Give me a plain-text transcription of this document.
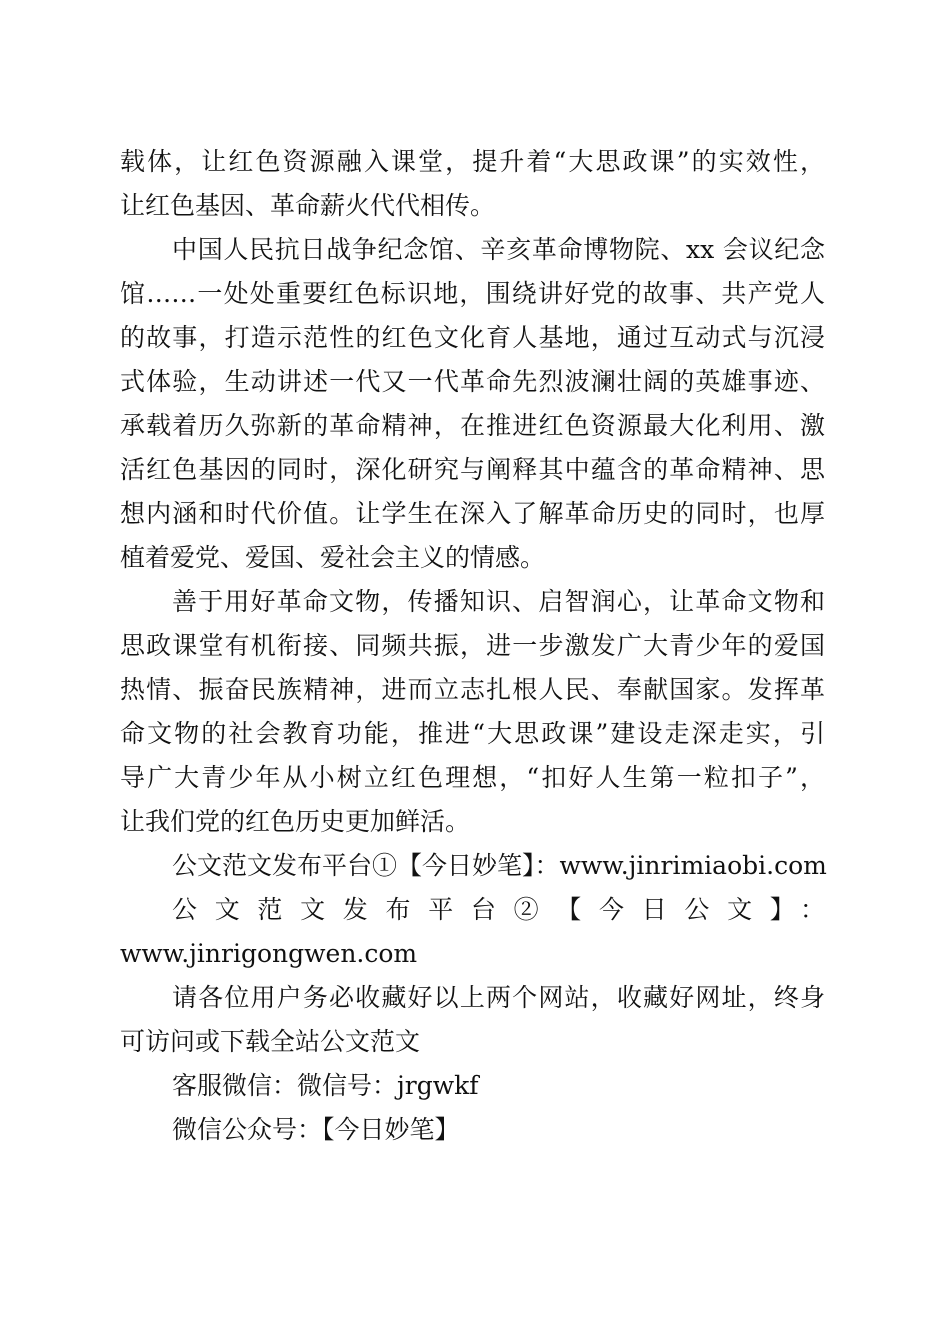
载体，让红色资源融入课堂，提升着“大思政课”的实效性，
让红色基因、革命薪火代代相传。
中国人民抗日战争纪念馆、辛亥革命博物院、xx 会议纪念
馆……一处处重要红色标识地，围绕讲好党的故事、共产党人
的故事，打造示范性的红色文化育人基地，通过互动式与沉浸
式体验，生动讲述一代又一代革命先烈波澜壮阔的英雄事迹、
承载着历久弥新的革命精神，在推进红色资源最大化利用、激
活红色基因的同时，深化研究与阐释其中蕴含的革命精神、思
想内涵和时代价值。让学生在深入了解革命历史的同时，也厚
植着爱党、爱国、爱社会主义的情感。
善于用好革命文物，传播知识、启智润心，让革命文物和
思政课堂有机衔接、同频共振，进一步激发广大青少年的爱国
热情、振奋民族精神，进而立志扎根人民、奉献国家。发挥革
命文物的社会教育功能，推进“大思政课”建设走深走实，引
导广大青少年从小树立红色理想，“扣好人生第一粒扣子”，
让我们党的红色历史更加鲜活。
公文范文发布平台①【今日妙笔】：www.jinrimiaobi.com
公文范文发布平台②【今日公文】：
www.jinrigongwen.com
请各位用户务必收藏好以上两个网站，收藏好网址，终身
可访问或下载全站公文范文
客服微信：微信号：jrgwkf
微信公众号：【今日妙笔】
